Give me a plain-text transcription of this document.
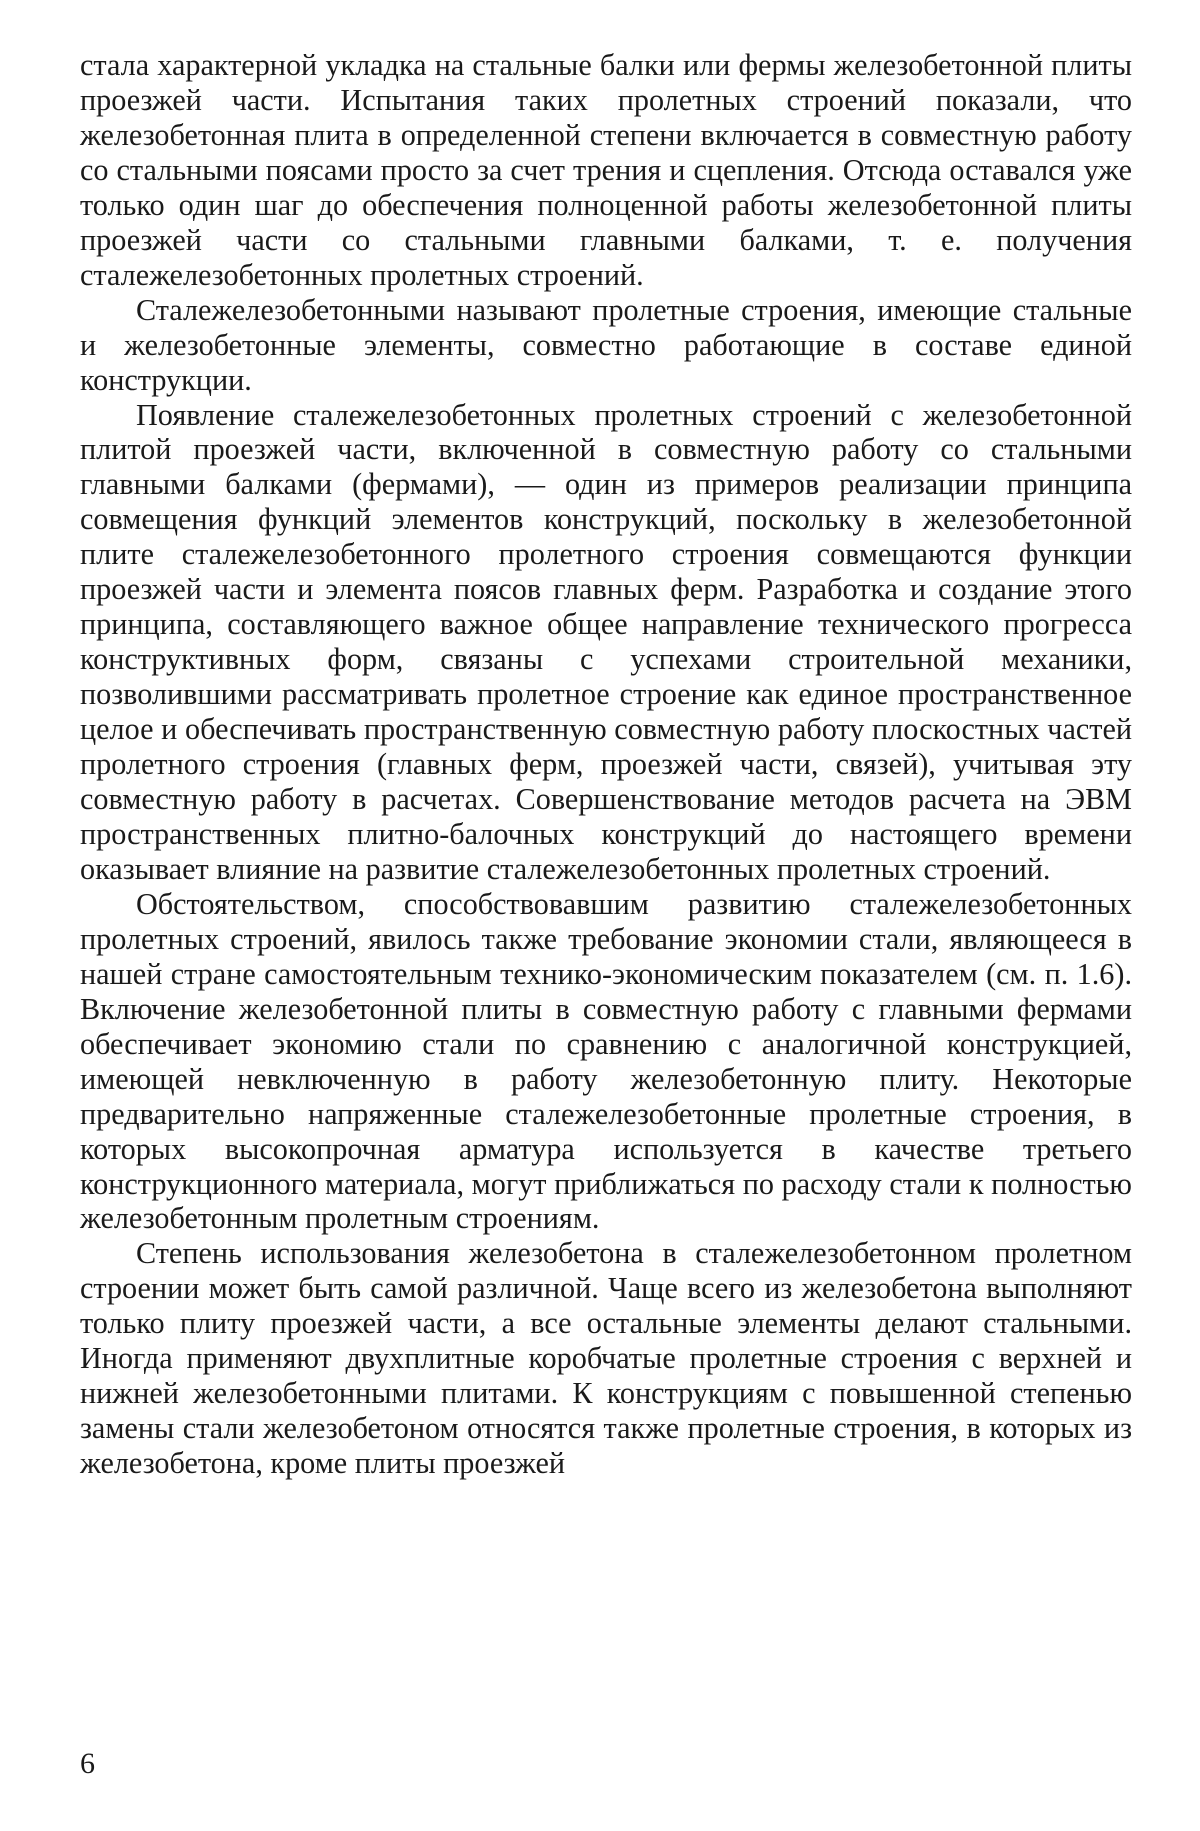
стала характерной укладка на стальные балки или фермы железобетонной плиты проезжей части. Испытания таких пролетных строений показали, что железобетонная плита в определенной степени включается в совместную работу со стальными поясами просто за счет трения и сцепления. Отсюда оставался уже только один шаг до обеспечения полноценной работы железобетонной плиты проезжей части со стальными главными балками, т. е. получения сталежелезобетонных пролетных строений.

Сталежелезобетонными называют пролетные строения, имеющие стальные и железобетонные элементы, совместно работающие в составе единой конструкции.

Появление сталежелезобетонных пролетных строений с железобетонной плитой проезжей части, включенной в совместную работу со стальными главными балками (фермами), — один из примеров реализации принципа совмещения функций элементов конструкций, поскольку в железобетонной плите сталежелезобетонного пролетного строения совмещаются функции проезжей части и элемента поясов главных ферм. Разработка и создание этого принципа, составляющего важное общее направление технического прогресса конструктивных форм, связаны с успехами строительной механики, позволившими рассматривать пролетное строение как единое пространственное целое и обеспечивать пространственную совместную работу плоскостных частей пролетного строения (главных ферм, проезжей части, связей), учитывая эту совместную работу в расчетах. Совершенствование методов расчета на ЭВМ пространственных плитно-балочных конструкций до настоящего времени оказывает влияние на развитие сталежелезобетонных пролетных строений.

Обстоятельством, способствовавшим развитию сталежелезобетонных пролетных строений, явилось также требование экономии стали, являющееся в нашей стране самостоятельным технико-экономическим показателем (см. п. 1.6). Включение железобетонной плиты в совместную работу с главными фермами обеспечивает экономию стали по сравнению с аналогичной конструкцией, имеющей невключенную в работу железобетонную плиту. Некоторые предварительно напряженные сталежелезобетонные пролетные строения, в которых высокопрочная арматура используется в качестве третьего конструкционного материала, могут приближаться по расходу стали к полностью железобетонным пролетным строениям.

Степень использования железобетона в сталежелезобетонном пролетном строении может быть самой различной. Чаще всего из железобетона выполняют только плиту проезжей части, а все остальные элементы делают стальными. Иногда применяют двухплитные коробчатые пролетные строения с верхней и нижней железобетонными плитами. К конструкциям с повышенной степенью замены стали железобетоном относятся также пролетные строения, в которых из железобетона, кроме плиты проезжей

6
